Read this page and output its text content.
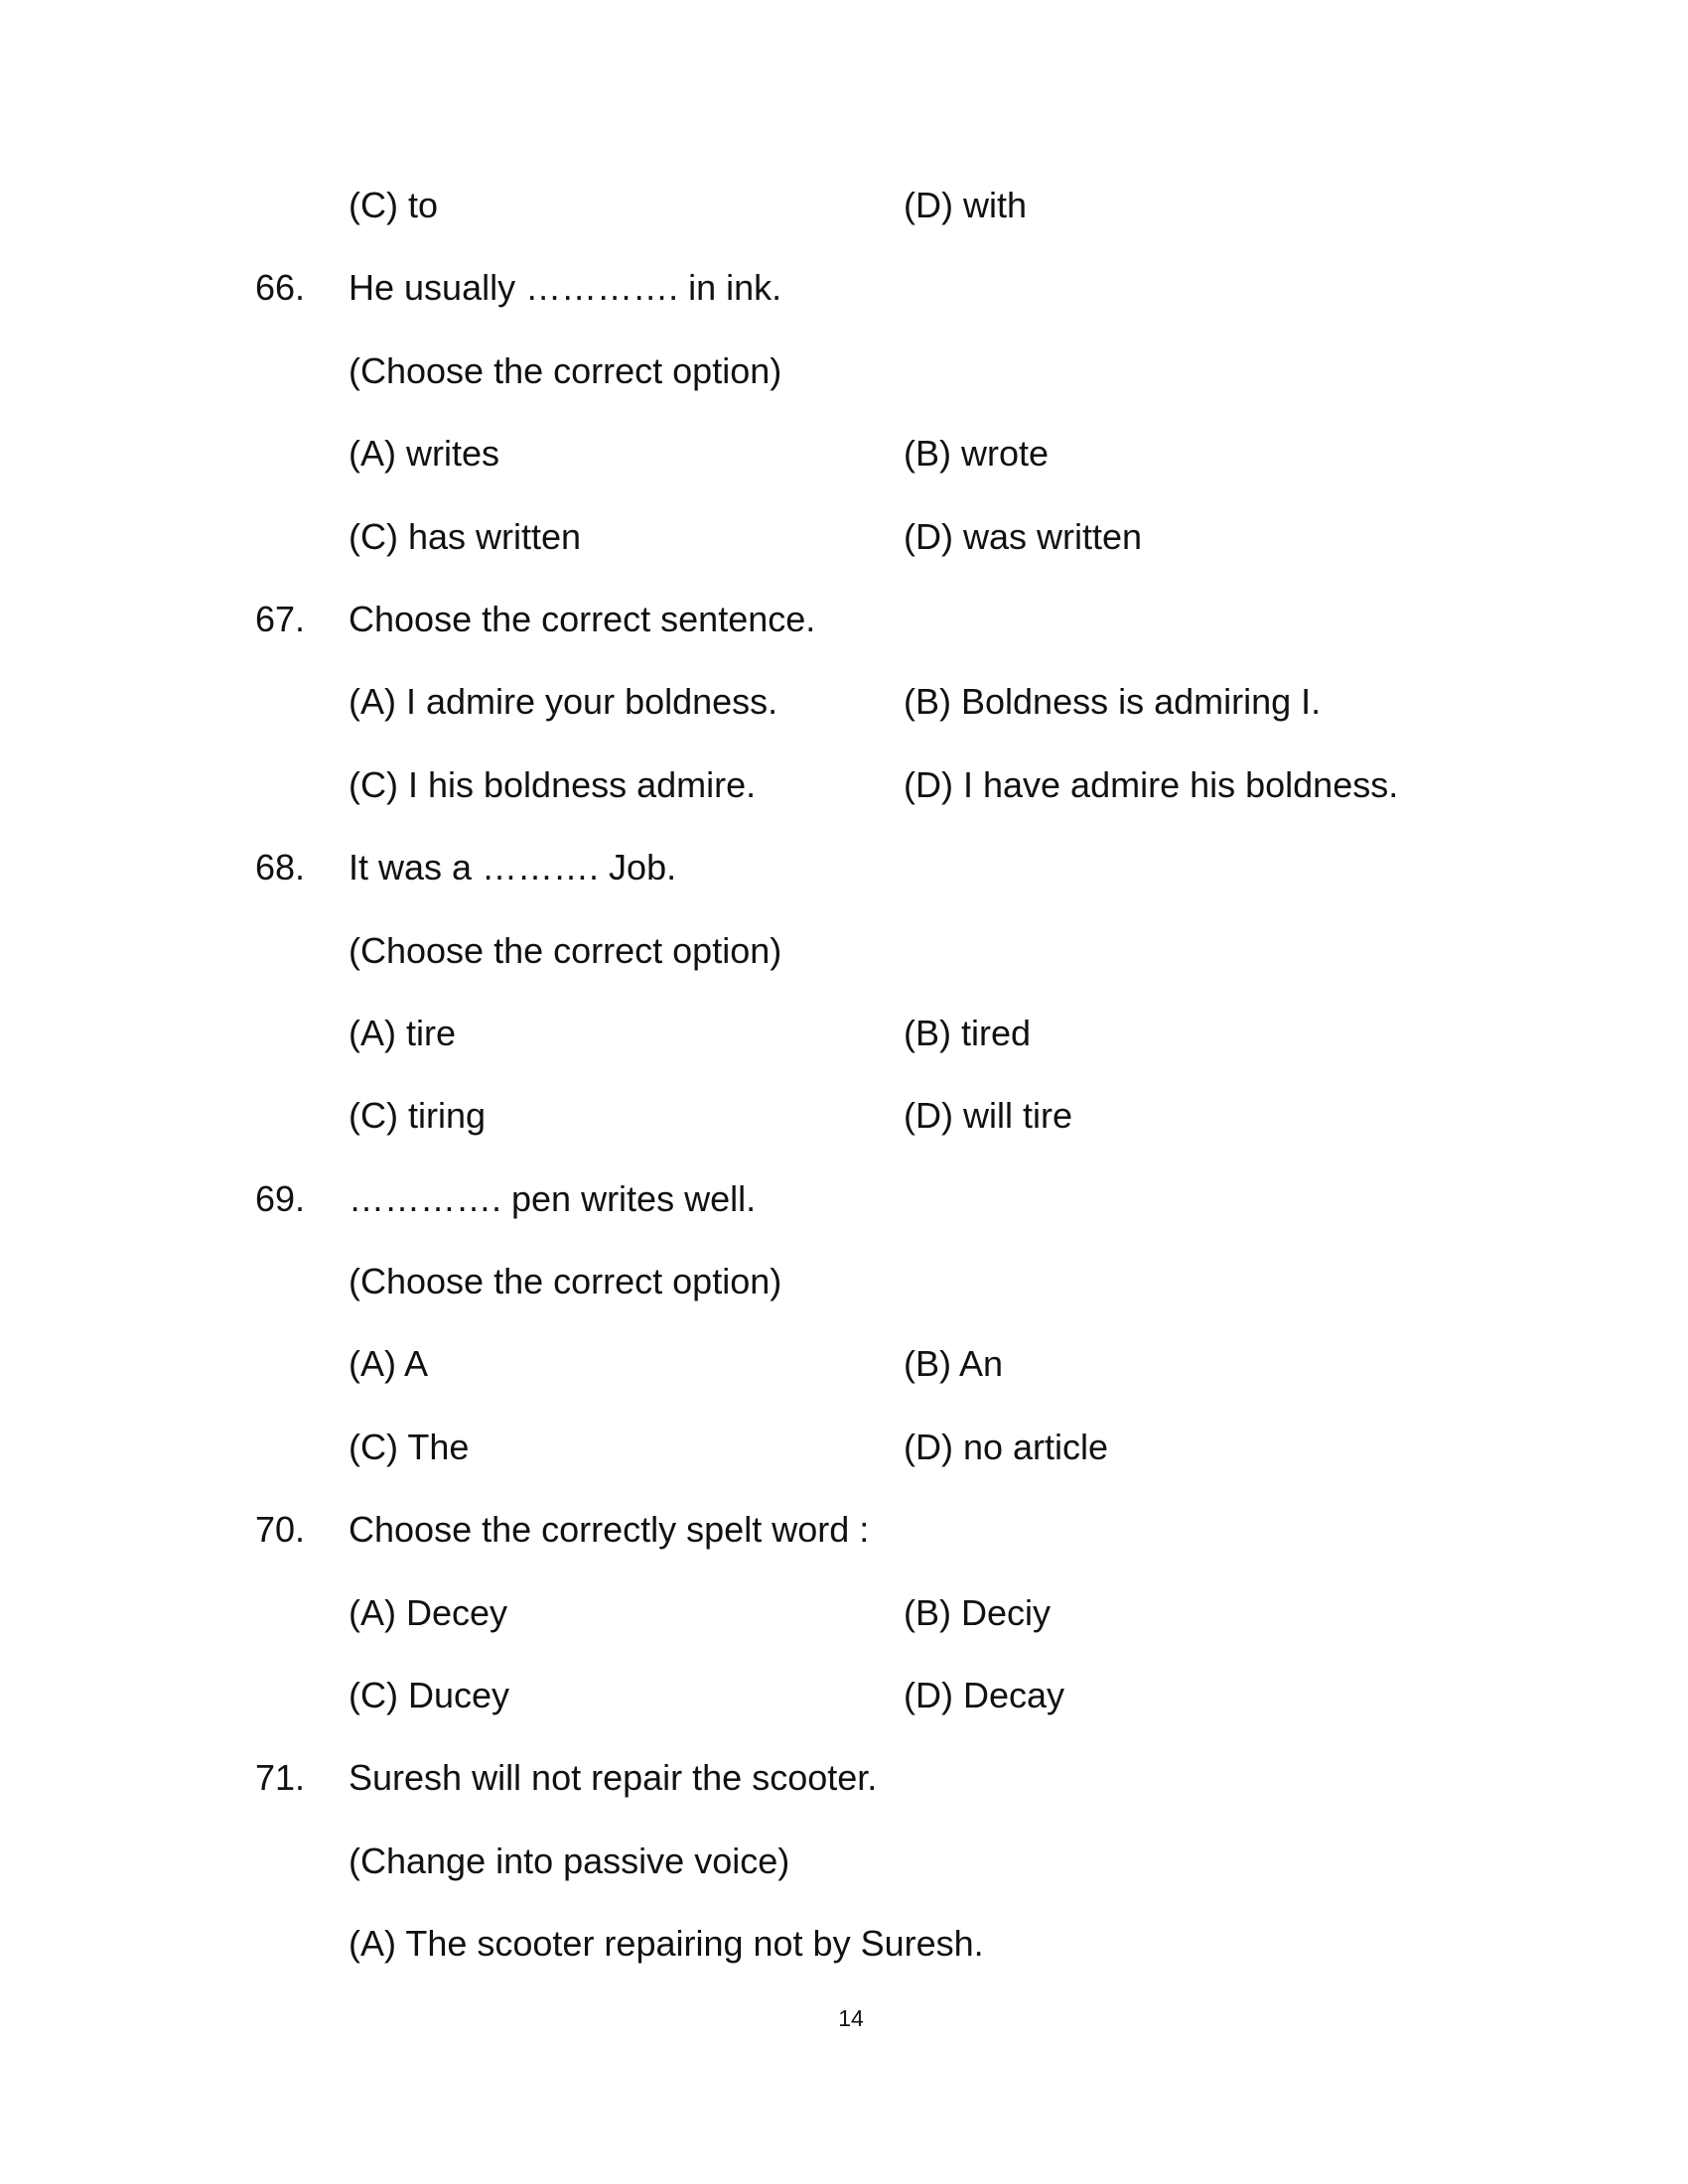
(C) to	(D) with
66. He usually …………. in ink.
(Choose the correct option)
(A) writes	(B) wrote
(C) has written	(D) was written
67. Choose the correct sentence.
(A) I admire your boldness.	(B) Boldness is admiring I.
(C) I his boldness admire.	(D) I have admire his boldness.
68. It was a ………. Job.
(Choose the correct option)
(A) tire	(B) tired
(C) tiring	(D) will tire
69. …………. pen writes well.
(Choose the correct option)
(A) A	(B) An
(C) The	(D) no article
70. Choose the correctly spelt word :
(A) Decey	(B) Deciy
(C) Ducey	(D) Decay
71. Suresh will not repair the scooter.
(Change into passive voice)
(A) The scooter repairing not by Suresh.
14
